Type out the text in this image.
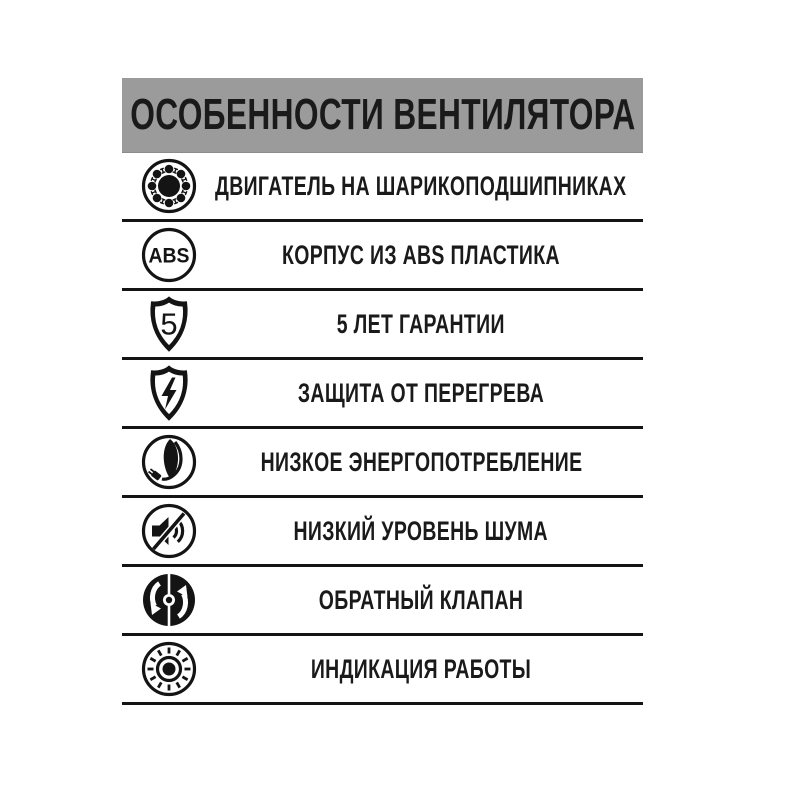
ОСОБЕННОСТИ ВЕНТИЛЯТОРА
ДВИГАТЕЛЬ НА ШАРИКОПОДШИПНИКАХ
ABS	КОРПУС ИЗ ABS ПЛАСТИКА
5	5 ЛЕТ ГАРАНТИИ
ЗАЩИТА ОТ ПЕРЕГРЕВА
НИЗКОЕ ЭНЕРГОПОТРЕБЛЕНИЕ
НИЗКИЙ УРОВЕНЬ ШУМА
ОБРАТНЫЙ КЛАПАН
ИНДИКАЦИЯ РАБОТЫ
